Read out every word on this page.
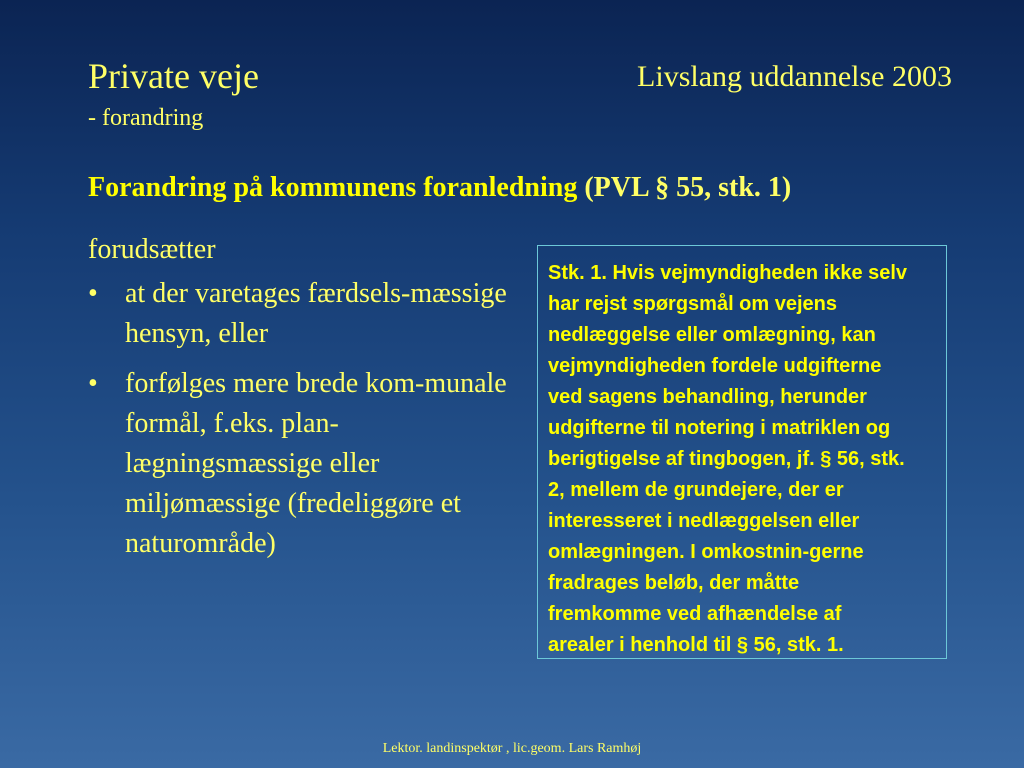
Private veje
- forandring
Livslang uddannelse 2003
Forandring på kommunens foranledning (PVL § 55, stk. 1)
forudsætter
• at der varetages færdsels-mæssige hensyn, eller
• forfølges mere brede kom-munale formål, f.eks. plan-lægningsmæssige eller miljømæssige (fredeliggøre et naturområde)
Stk. 1. Hvis vejmyndigheden ikke selv har rejst spørgsmål om vejens nedlæggelse eller omlægning, kan vejmyndigheden fordele udgifterne ved sagens behandling, herunder udgifterne til notering i matriklen og berigtigelse af tingbogen, jf. § 56, stk. 2, mellem de grundejere, der er interesseret i nedlæggelsen eller omlægningen. I omkostnin-gerne fradrages beløb, der måtte fremkomme ved afhændelse af arealer i henhold til § 56, stk. 1.
Lektor. landinspektør , lic.geom. Lars Ramhøj
